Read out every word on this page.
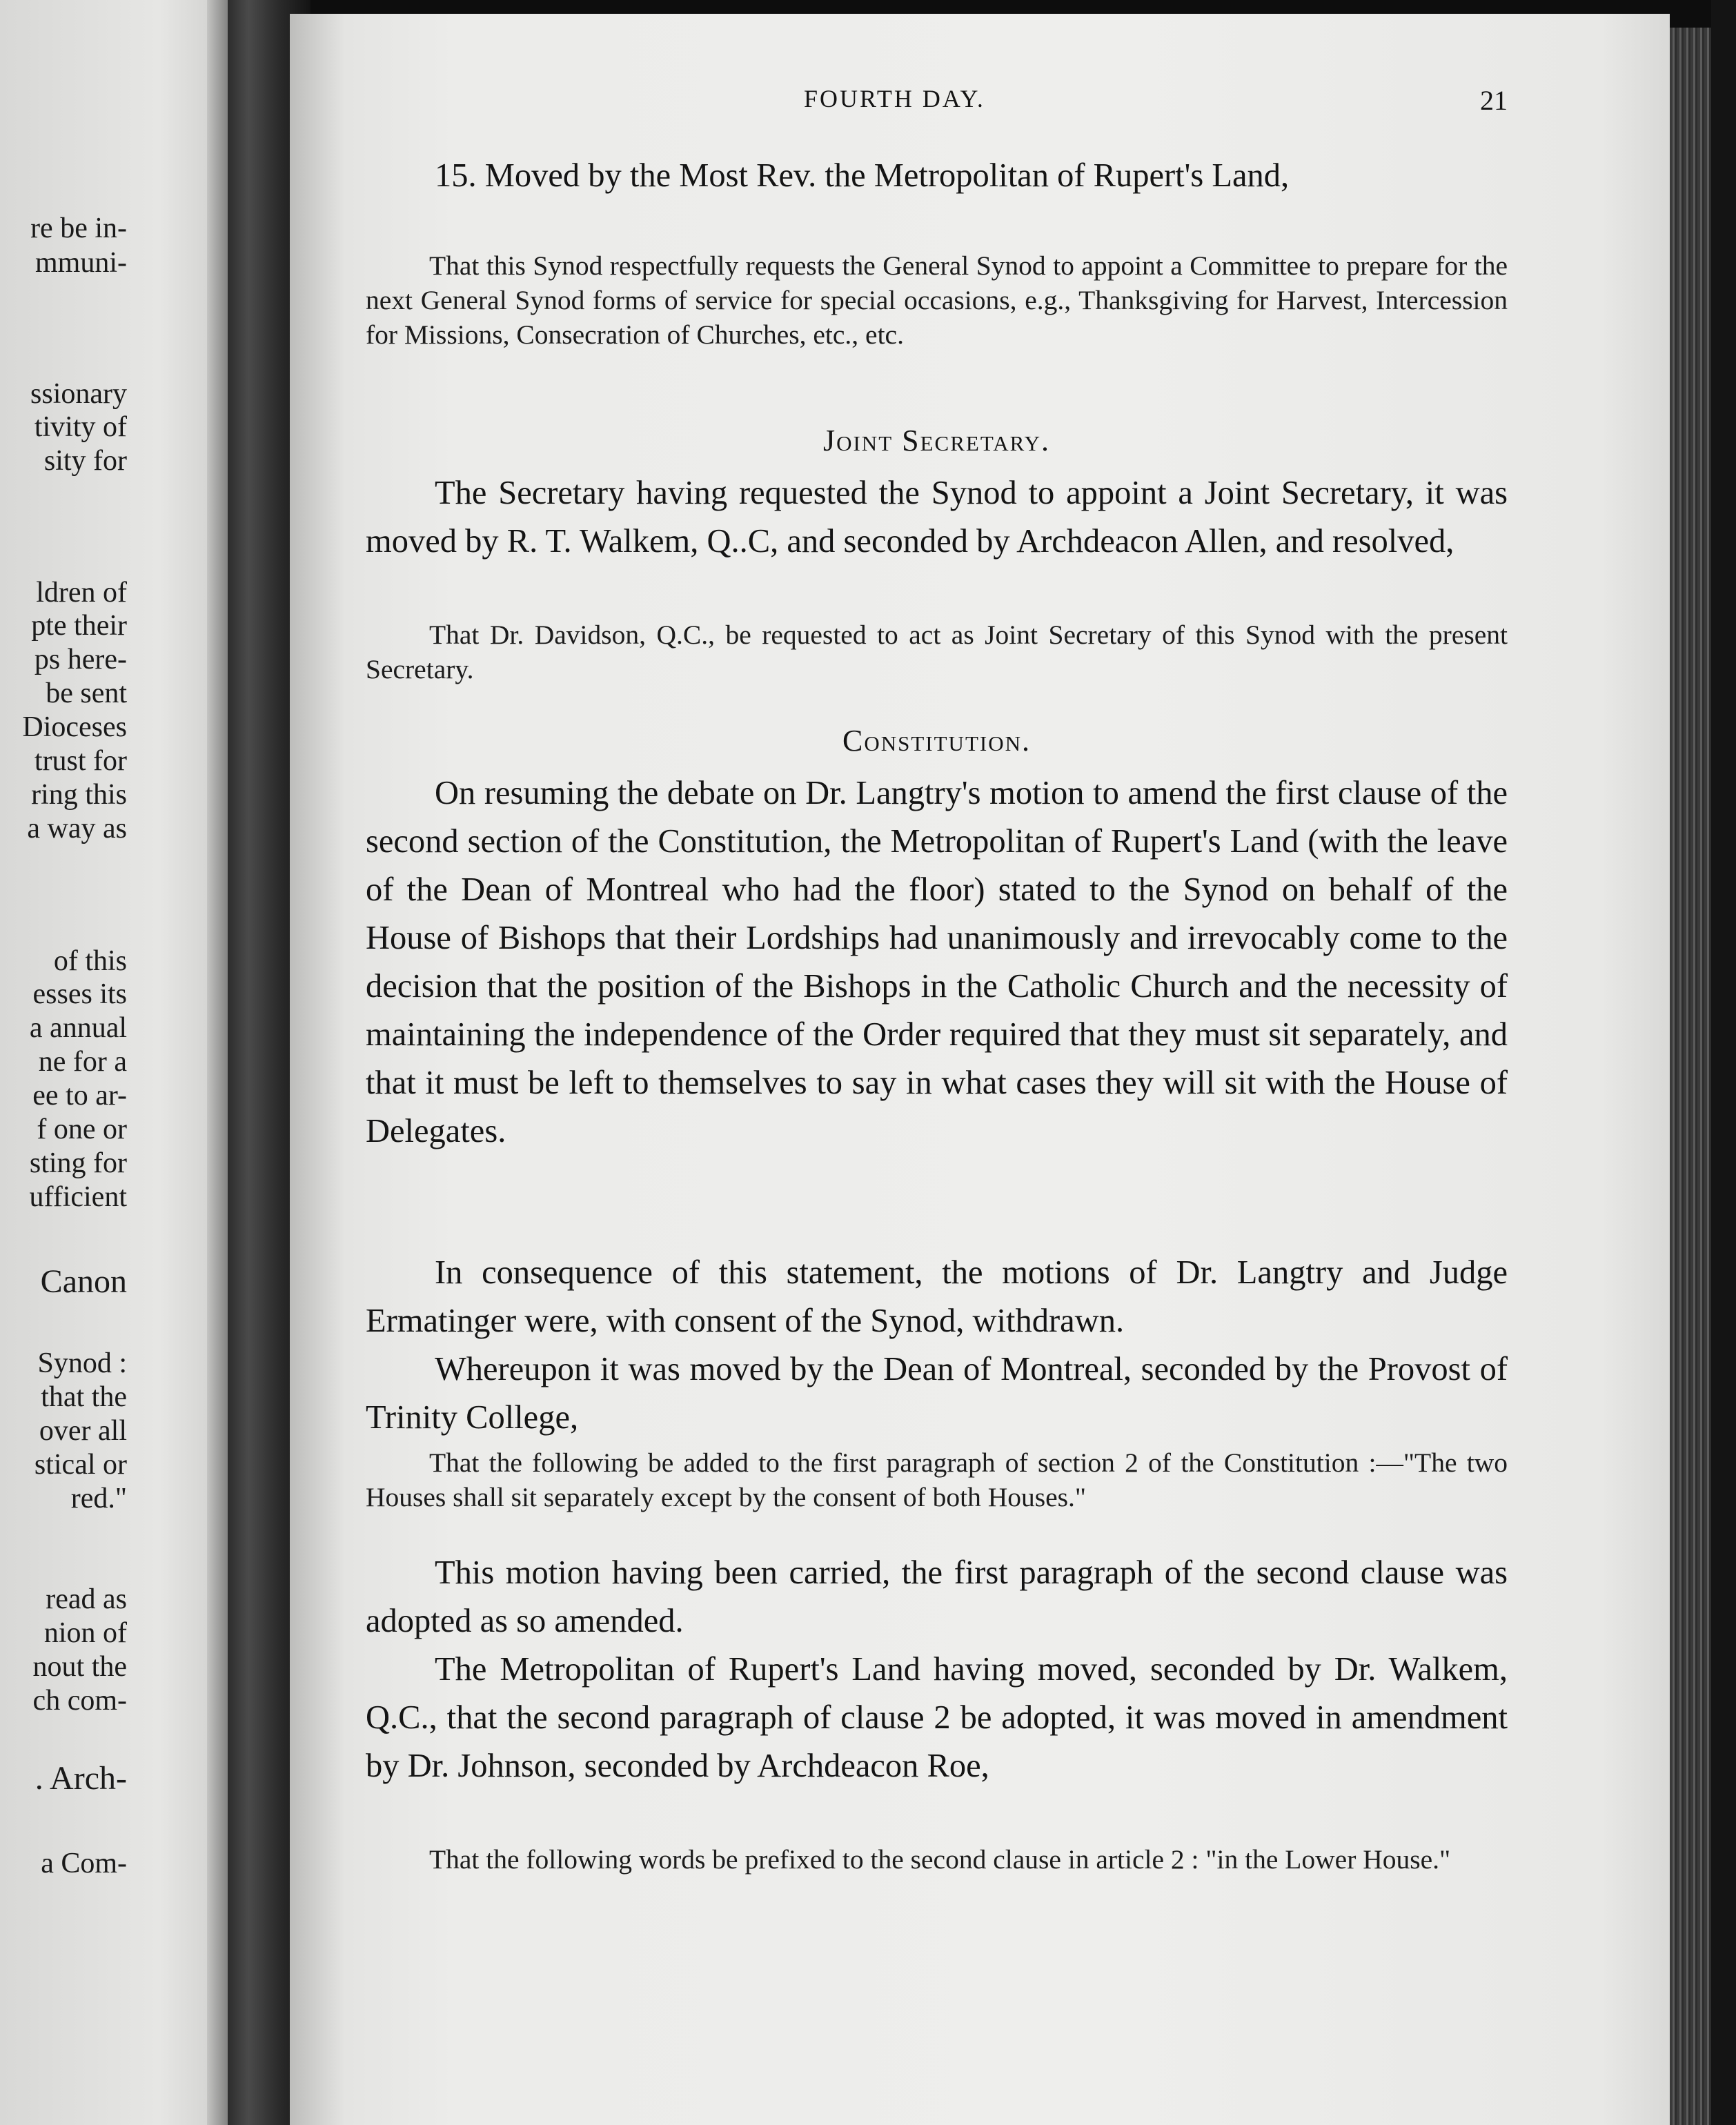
re be in-
mmuni-
ssionary
tivity of
sity for
ldren of
pte their
ps here-
be sent
Dioceses
trust for
ring this
a way as
of this
esses its
a annual
ne for a
ee to ar-
f one or
sting for
ufficient
Canon
Synod :
that the
over all
stical or
red."
read as
nion of
nout the
ch com-
. Arch-
a Com-
FOURTH DAY.	21

15. Moved by the Most Rev. the Metropolitan of Rupert's Land,

That this Synod respectfully requests the General Synod to appoint a Committee to prepare for the next General Synod forms of service for special occasions, e.g., Thanksgiving for Harvest, Intercession for Missions, Consecration of Churches, etc., etc.

Joint Secretary.

The Secretary having requested the Synod to appoint a Joint Secretary, it was moved by R. T. Walkem, Q..C, and seconded by Archdeacon Allen, and resolved,

That Dr. Davidson, Q.C., be requested to act as Joint Secretary of this Synod with the present Secretary.

Constitution.

On resuming the debate on Dr. Langtry's motion to amend the first clause of the second section of the Constitution, the Metropolitan of Rupert's Land (with the leave of the Dean of Montreal who had the floor) stated to the Synod on behalf of the House of Bishops that their Lordships had unanimously and irrevocably come to the decision that the position of the Bishops in the Catholic Church and the necessity of maintaining the independence of the Order required that they must sit separately, and that it must be left to themselves to say in what cases they will sit with the House of Delegates.

In consequence of this statement, the motions of Dr. Langtry and Judge Ermatinger were, with consent of the Synod, withdrawn.

Whereupon it was moved by the Dean of Montreal, seconded by the Provost of Trinity College,

That the following be added to the first paragraph of section 2 of the Constitution :—"The two Houses shall sit separately except by the consent of both Houses."

This motion having been carried, the first paragraph of the second clause was adopted as so amended.

The Metropolitan of Rupert's Land having moved, seconded by Dr. Walkem, Q.C., that the second paragraph of clause 2 be adopted, it was moved in amendment by Dr. Johnson, seconded by Archdeacon Roe,

That the following words be prefixed to the second clause in article 2 : "in the Lower House."
